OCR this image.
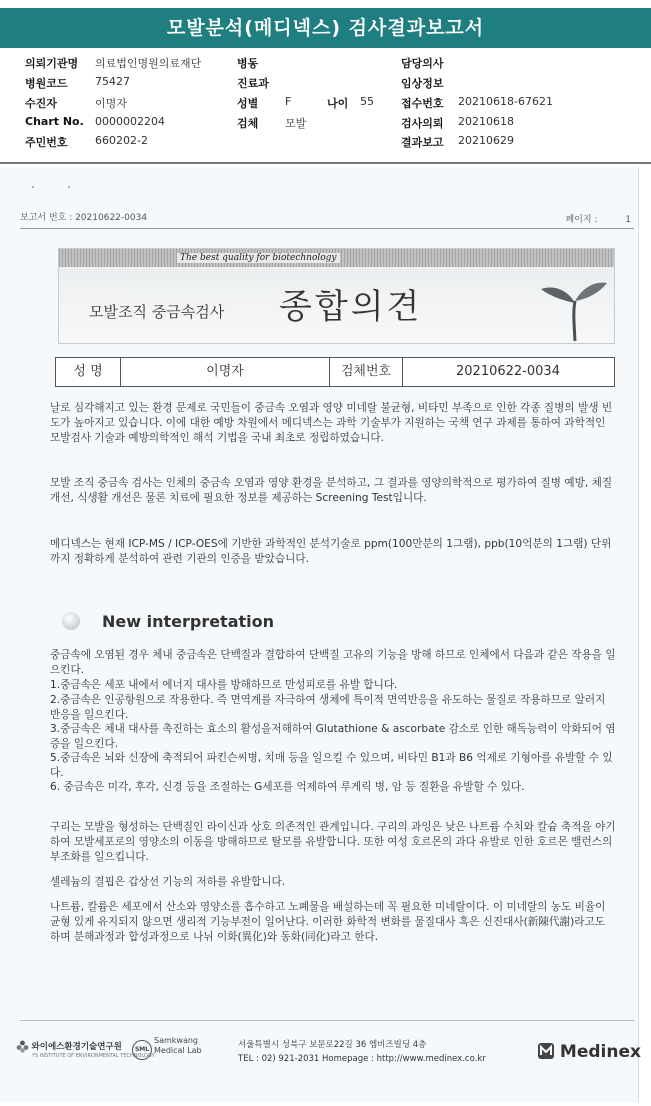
모발분석(메디넥스) 검사결과보고서
의뢰기관명 의료법인명원의료재단
병원코드 75427
수진자	이명자
Chart No. 0000002204
주민번호 660202-2
병동
진료과
성별 F	나이 55
검체 모발
담당의사
임상정보
접수번호 20210618-67621
검사의뢰 20210618
결과보고 20210629
보고서 번호 : 20210622-0034	페이지 :	1
The best quality for biotechnology
모발조직 중금속검사 종합의견
성 명	이명자	검체번호	20210622-0034

날로 심각해지고 있는 환경 문제로 국민들이 중금속 오염과 영양 미네랄 불균형, 비타민 부족으로 인한 각종 질병의 발생 빈도가 높아지고 있습니다. 이에 대한 예방 차원에서 메디넥스는 과학 기술부가 지원하는 국책 연구 과제를 통하여 과학적인 모발검사 기술과 예방의학적인 해석 기법을 국내 최초로 정립하였습니다.

모발 조직 중금속 검사는 인체의 중금속 오염과 영양 환경을 분석하고, 그 결과를 영양의학적으로 평가하여 질병 예방, 체질 개선, 식생활 개선은 물론 치료에 필요한 정보를 제공하는 Screening Test입니다.

메디넥스는 현재 ICP-MS / ICP-OES에 기반한 과학적인 분석기술로 ppm(100만분의 1그램), ppb(10억분의 1그램) 단위까지 정확하게 분석하여 관련 기관의 인증을 받았습니다.

New interpretation

중금속에 오염된 경우 체내 중금속은 단백질과 결합하여 단백질 고유의 기능을 방해 하므로 인체에서 다음과 같은 작용을 일으킨다.

1.중금속은 세포 내에서 에너지 대사를 방해하므로 만성피로를 유발 합니다.

2.중금속은 인공항원으로 작용한다. 즉 면역계를 자극하여 생체에 특이적 면역반응을 유도하는 물질로 작용하므로 알러지 반응을 일으킨다.

3.중금속은 체내 대사를 촉진하는 효소의 활성을저해하여 Glutathione & ascorbate 감소로 인한 해독능력이 악화되어 염증을 일으킨다.

5.중금속은 뇌와 신장에 축적되어 파킨슨씨병, 치매 등을 일으킬 수 있으며, 비타민 B1과 B6 억제로 기형아를 유발할 수 있다.

6. 중금속은 미각, 후각, 신경 등을 조절하는 G세포를 억제하여 루게릭 병, 암 등 질환을 유발할 수 있다.

구리는 모발을 형성하는 단백질인 라이신과 상호 의존적인 관계입니다. 구리의 과잉은 낮은 나트륨 수치와 칼슘 축적을 야기하여 모발세포로의 영양소의 이동을 방해하므로 탈모를 유발합니다. 또한 여성 호르몬의 과다 유발로 인한 호르몬 밸런스의 부조화를 일으킵니다.

셀레늄의 결핍은 갑상선 기능의 저하를 유발합니다.

나트륨, 칼륨은 세포에서 산소와 영양소를 흡수하고 노폐물을 배설하는데 꼭 필요한 미네랄이다. 이 미네랄의 농도 비율이 균형 있게 유지되지 않으면 생리적 기능부전이 일어난다. 이러한 화학적 변화를 물질대사 혹은 신진대사(新陳代謝)라고도 하며 분해과정과 합성과정으로 나뉘 이화(異化)와 동화(同化)라고 한다.

와이에스환경기술연구원
YS INSTITUTE OF ENVIRONMENTAL TECHNOLOGY
SML
Samkwang
Medical Lab
서울특별시 성북구 보문로22길 36 엠비즈빌딩 4층
TEL : 02) 921-2031 Homepage : http://www.medinex.co.kr	Medinex
